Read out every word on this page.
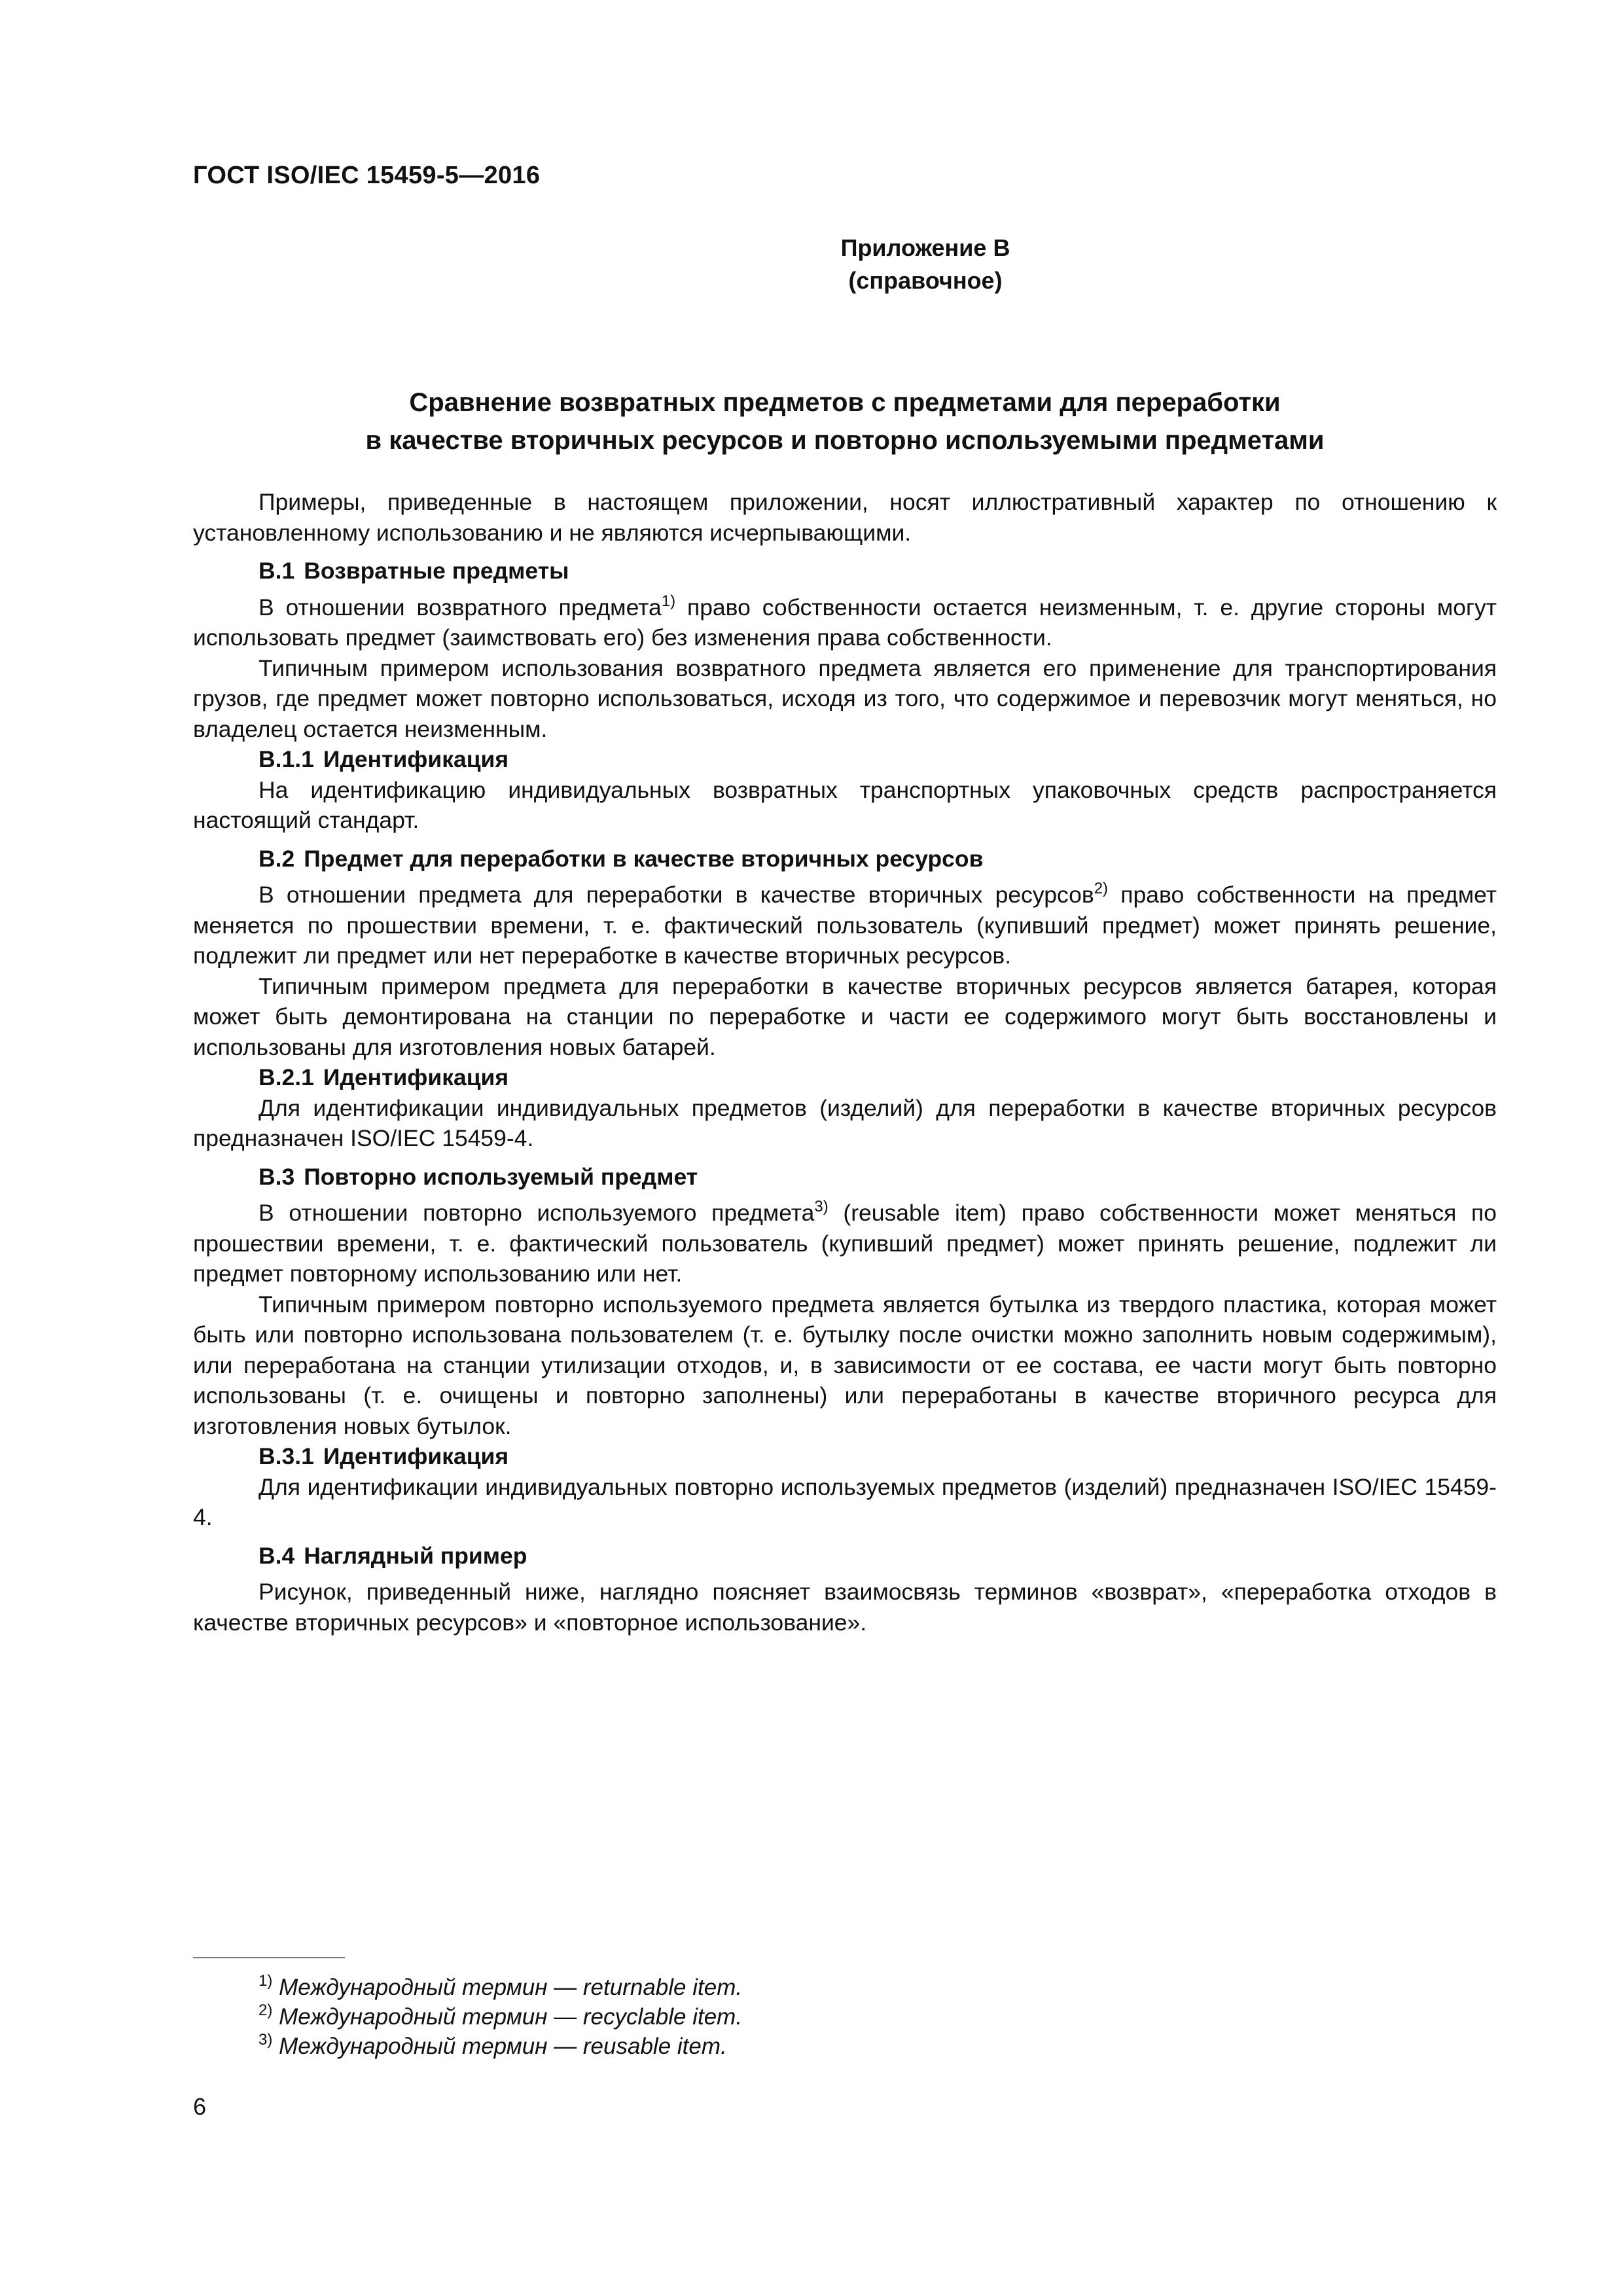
ГОСТ ISO/IEC 15459-5—2016
Приложение В
(справочное)
Сравнение возвратных предметов с предметами для переработки
в качестве вторичных ресурсов и повторно используемыми предметами

Примеры, приведенные в настоящем приложении, носят иллюстративный характер по отношению к установленному использованию и не являются исчерпывающими.

В.1 Возвратные предметы

В отношении возвратного предмета$^{1)}$ право собственности остается неизменным, т. е. другие стороны могут использовать предмет (заимствовать его) без изменения права собственности.

Типичным примером использования возвратного предмета является его применение для транспортирования грузов, где предмет может повторно использоваться, исходя из того, что содержимое и перевозчик могут меняться, но владелец остается неизменным.

В.1.1 Идентификация

На идентификацию индивидуальных возвратных транспортных упаковочных средств распространяется настоящий стандарт.

В.2 Предмет для переработки в качестве вторичных ресурсов

В отношении предмета для переработки в качестве вторичных ресурсов$^{2)}$ право собственности на предмет меняется по прошествии времени, т. е. фактический пользователь (купивший предмет) может принять решение, подлежит ли предмет или нет переработке в качестве вторичных ресурсов.

Типичным примером предмета для переработки в качестве вторичных ресурсов является батарея, которая может быть демонтирована на станции по переработке и части ее содержимого могут быть восстановлены и использованы для изготовления новых батарей.

В.2.1 Идентификация

Для идентификации индивидуальных предметов (изделий) для переработки в качестве вторичных ресурсов предназначен ISO/IEC 15459-4.

В.3 Повторно используемый предмет

В отношении повторно используемого предмета$^{3)}$ (reusable item) право собственности может меняться по прошествии времени, т. е. фактический пользователь (купивший предмет) может принять решение, подлежит ли предмет повторному использованию или нет.

Типичным примером повторно используемого предмета является бутылка из твердого пластика, которая может быть или повторно использована пользователем (т. е. бутылку после очистки можно заполнить новым содержимым), или переработана на станции утилизации отходов, и, в зависимости от ее состава, ее части могут быть повторно использованы (т. е. очищены и повторно заполнены) или переработаны в качестве вторичного ресурса для изготовления новых бутылок.

В.3.1 Идентификация

Для идентификации индивидуальных повторно используемых предметов (изделий) предназначен ISO/IEC 15459-4.

В.4 Наглядный пример

Рисунок, приведенный ниже, наглядно поясняет взаимосвязь терминов «возврат», «переработка отходов в качестве вторичных ресурсов» и «повторное использование».

$^{1)}$ Международный термин — returnable item.
$^{2)}$ Международный термин — recyclable item.
$^{3)}$ Международный термин — reusable item.
6
